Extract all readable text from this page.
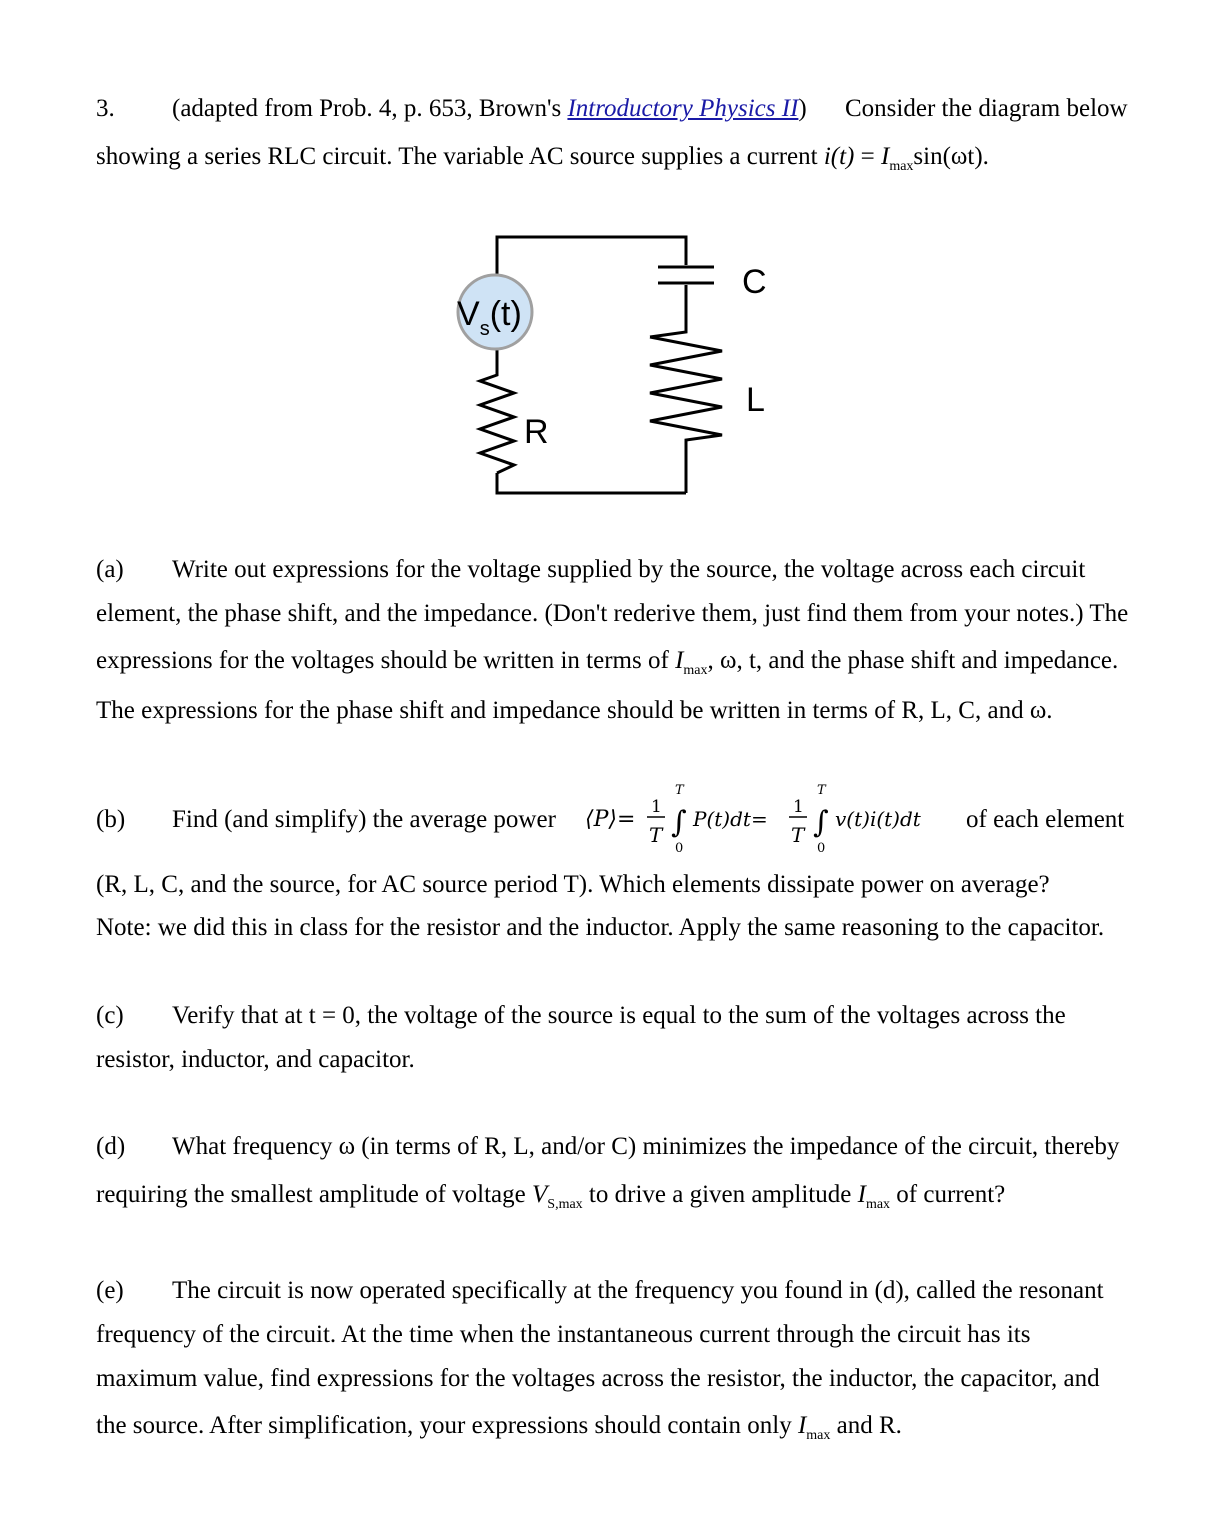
3. (adapted from Prob. 4, p. 653, Brown's Introductory Physics II) Consider the diagram below
showing a series RLC circuit. The variable AC source supplies a current $i(t) = I_{max}\sin(\omega t)$.
$V_s(t)$
R
C
L
(a) Write out expressions for the voltage supplied by the source, the voltage across each circuit
element, the phase shift, and the impedance. (Don't rederive them, just find them from your notes.) The
expressions for the voltages should be written in terms of $I_{max}$, ω, t, and the phase shift and impedance.
The expressions for the phase shift and impedance should be written in terms of R, L, C, and ω.
(b) Find (and simplify) the average power ⟨P⟩= 1
T
T
∫
0
P(t)dt= 1
T
T
∫
0
v(t)i(t)dt of each element
(R, L, C, and the source, for AC source period T). Which elements dissipate power on average?
Note: we did this in class for the resistor and the inductor. Apply the same reasoning to the capacitor.
(c) Verify that at t = 0, the voltage of the source is equal to the sum of the voltages across the
resistor, inductor, and capacitor.
(d) What frequency ω (in terms of R, L, and/or C) minimizes the impedance of the circuit, thereby
requiring the smallest amplitude of voltage $V_{S,max}$ to drive a given amplitude $I_{max}$ of current?
(e) The circuit is now operated specifically at the frequency you found in (d), called the resonant
frequency of the circuit. At the time when the instantaneous current through the circuit has its
maximum value, find expressions for the voltages across the resistor, the inductor, the capacitor, and
the source. After simplification, your expressions should contain only $I_{max}$ and R.
